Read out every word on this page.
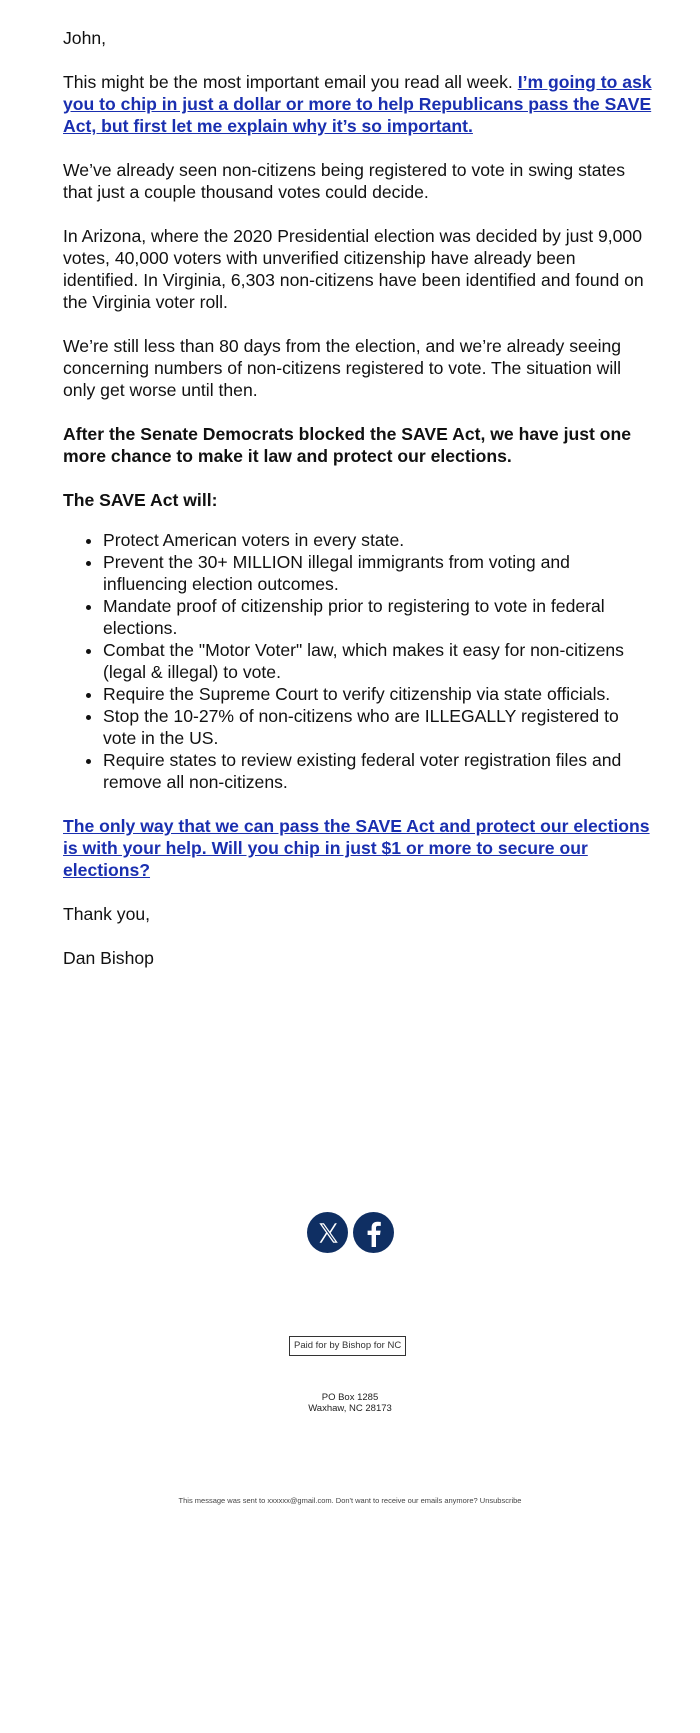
John,

This might be the most important email you read all week. I’m going to ask you to chip in just a dollar or more to help Republicans pass the SAVE Act, but first let me explain why it’s so important.

We’ve already seen non-citizens being registered to vote in swing states that just a couple thousand votes could decide.

In Arizona, where the 2020 Presidential election was decided by just 9,000 votes, 40,000 voters with unverified citizenship have already been identified. In Virginia, 6,303 non-citizens have been identified and found on the Virginia voter roll.

We’re still less than 80 days from the election, and we’re already seeing concerning numbers of non-citizens registered to vote. The situation will only get worse until then.

After the Senate Democrats blocked the SAVE Act, we have just one more chance to make it law and protect our elections.

The SAVE Act will:

• Protect American voters in every state.
• Prevent the 30+ MILLION illegal immigrants from voting and influencing election outcomes.
• Mandate proof of citizenship prior to registering to vote in federal elections.
• Combat the "Motor Voter" law, which makes it easy for non-citizens (legal & illegal) to vote.
• Require the Supreme Court to verify citizenship via state officials.
• Stop the 10-27% of non-citizens who are ILLEGALLY registered to vote in the US.
• Require states to review existing federal voter registration files and remove all non-citizens.

The only way that we can pass the SAVE Act and protect our elections is with your help. Will you chip in just $1 or more to secure our elections?

Thank you,

Dan Bishop

Paid for by Bishop for NC
PO Box 1285
Waxhaw, NC 28173
This message was sent to xxxxxx@gmail.com. Don't want to receive our emails anymore? Unsubscribe
